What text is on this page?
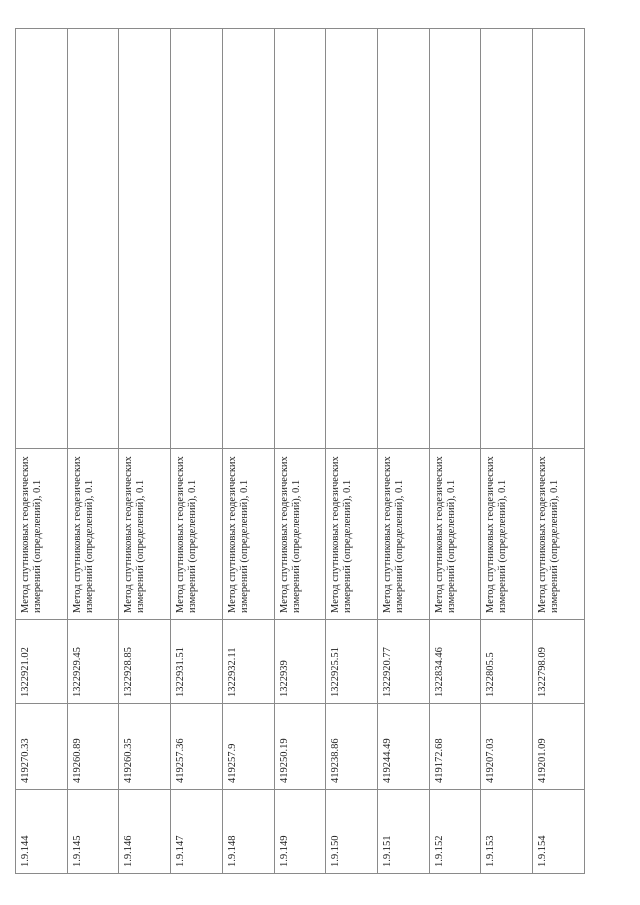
1.9.144	419270.33	1322921.02	Метод спутниковых геодезических измерений (определений), 0.1	
1.9.145	419260.89	1322929.45	Метод спутниковых геодезических измерений (определений), 0.1	
1.9.146	419260.35	1322928.85	Метод спутниковых геодезических измерений (определений), 0.1	
1.9.147	419257.36	1322931.51	Метод спутниковых геодезических измерений (определений), 0.1	
1.9.148	419257.9	1322932.11	Метод спутниковых геодезических измерений (определений), 0.1	
1.9.149	419250.19	1322939	Метод спутниковых геодезических измерений (определений), 0.1	
1.9.150	419238.86	1322925.51	Метод спутниковых геодезических измерений (определений), 0.1	
1.9.151	419244.49	1322920.77	Метод спутниковых геодезических измерений (определений), 0.1	
1.9.152	419172.68	1322834.46	Метод спутниковых геодезических измерений (определений), 0.1	
1.9.153	419207.03	1322805.5	Метод спутниковых геодезических измерений (определений), 0.1	
1.9.154	419201.09	1322798.09	Метод спутниковых геодезических измерений (определений), 0.1	
